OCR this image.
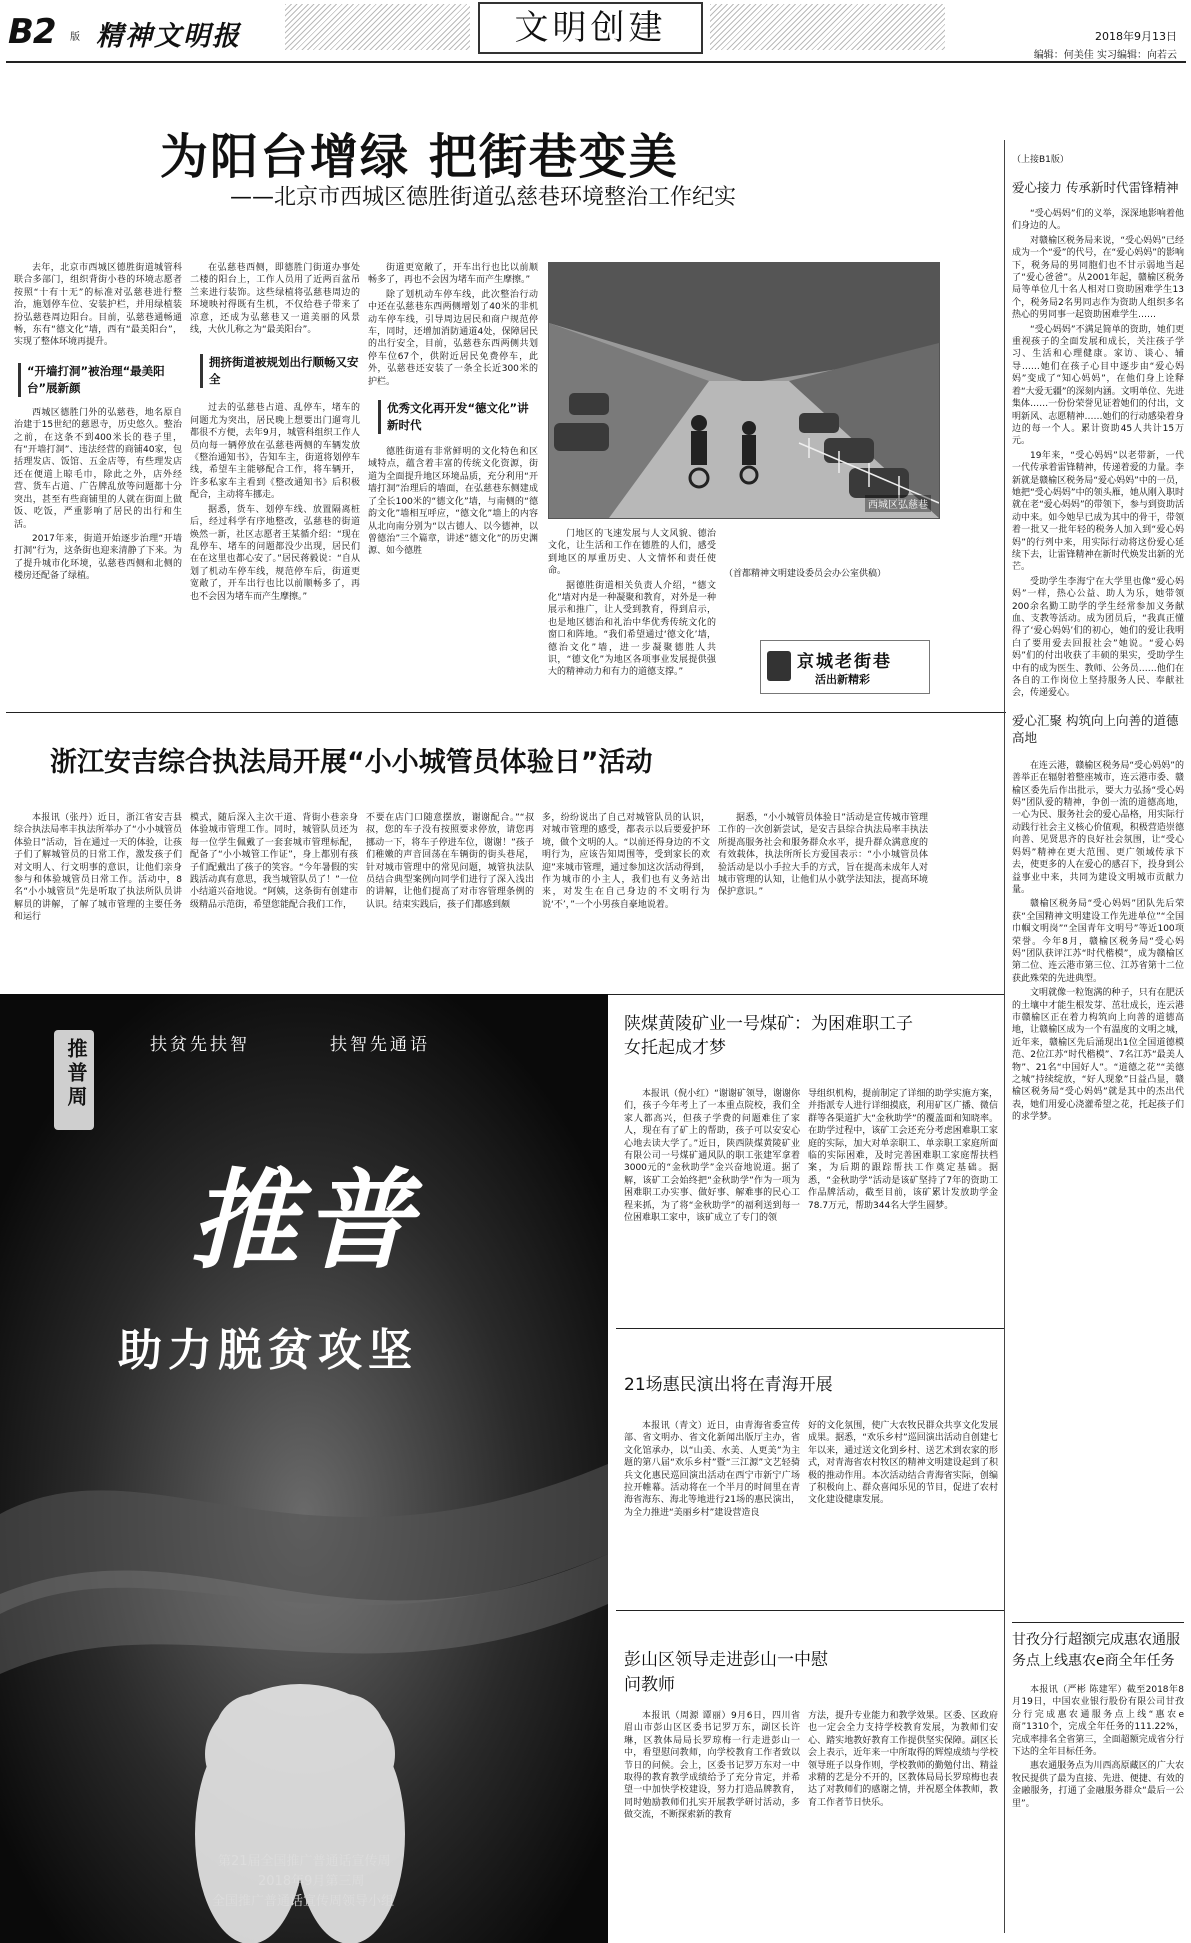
B2 版 精神文明报	文明创建	2018年9月13日
编辑：何美佳 实习编辑：向若云
为阳台增绿 把街巷变美
——北京市西城区德胜街道弘慈巷环境整治工作纪实

去年，北京市西城区德胜街道城管科联合多部门，组织背街小巷的环境志愿者按照“十有十无”的标准对弘慈巷进行整治，施划停车位、安装护栏，并用绿植装扮弘慈巷周边阳台。目前，弘慈巷通畅通畅，东有“德文化”墙，西有“最美阳台”，实现了整体环境再提升。

“开墙打洞”被治理“最美阳台”展新颜

西城区德胜门外的弘慈巷，地名原自治建于15世纪的慈恩寺，历史悠久。整治之前，在这条不到400米长的巷子里，有“开墙打洞”、违法经营的商铺40家，包括理发店、饭馆、五金店等，有些理发店还在便道上晾毛巾，除此之外，店外经营、货车占道、广告牌乱放等问题都十分突出，甚至有些商铺里的人就在街面上做饭、吃饭，严重影响了居民的出行和生活。

2017年来，街道开始逐步治理“开墙打洞”行为，这条街也迎来清静了下来。为了提升城市化环境，弘慈巷西侧和北侧的楼房还配备了绿植。

在弘慈巷西侧，即德胜门街道办事处二楼的阳台上，工作人员用了近两百盆吊兰来进行装饰。这些绿植将弘慈巷周边的环境映衬得既有生机，不仅给巷子带来了凉意，还成为弘慈巷又一道美丽的风景线，大伙儿称之为“最美阳台”。

拥挤街道被规划出行顺畅又安全

过去的弘慈巷占道、乱停车，堵车的问题尤为突出，居民晚上想要出门遛弯儿都很不方便，去年9月，城管科组织工作人员向每一辆停放在弘慈巷两侧的车辆发放《整治通知书》，告知车主，街道将划停车线，希望车主能够配合工作，将车辆开，许多私家车主看到《整改通知书》后积极配合，主动将车挪走。

据悉，货车、划停车线、放置隔离桩后，经过科学有序地整改，弘慈巷的街道焕然一新，社区志愿者王某循介绍：“现在乱停车、堵车的问题都没少出现，居民们在在这里也都心安了。”居民蒋毅说：“自从划了机动车停车线，规范停车后，街道更宽敞了，开车出行也比以前顺畅多了，再也不会因为堵车而产生摩擦。”

街道更宽敞了，开车出行也比以前顺畅多了，再也不会因为堵车而产生摩擦。”

除了划机动车停车线，此次整治行动中还在弘慈巷东西两侧增划了40米的非机动车停车线，引导周边居民和商户规范停车，同时，还增加消防通道4处，保障居民的出行安全，目前，弘慈巷东西两侧共划停车位67个，供附近居民免费停车，此外，弘慈巷还安装了一条全长近300米的护栏。

优秀文化再开发“德文化”讲新时代

德胜街道有非常鲜明的文化特色和区域特点，蕴含着丰富的传统文化资源，街道为全面提升地区环境品质，充分利用“开墙打洞”治理后的墙面，在弘慈巷东侧建成了全长100米的“德文化”墙，与南侧的“德韵文化”墙相互呼应，“德文化”墙上的内容从北向南分别为“以古德人、以今德神，以曾德治”三个篇章，讲述“德文化”的历史渊源、如今德胜

西城区弘慈巷

门地区的飞速发展与人文风貌、德治文化，让生活和工作在德胜的人们，感受到地区的厚重历史、人文情怀和责任使命。

据德胜街道相关负责人介绍，“德文化”墙对内是一种凝聚和教育，对外是一种展示和推广，让人受到教育，得到启示，也是地区德治和礼治中华优秀传统文化的窗口和阵地。“我们希望通过‘德文化’墙，德治文化”墙，进一步凝聚德胜人共识，“德文化”为地区各项事业发展提供强大的精神动力和有力的道德支撑。”

（首都精神文明建设委员会办公室供稿）

京城老街巷
活出新精彩
（上接B1版）
爱心接力 传承新时代雷锋精神

“受心妈妈”们的义举，深深地影响着他们身边的人。

对赣榆区税务局来说，“受心妈妈”已经成为一个“爱”的代号，在“爱心妈妈”的影响下，税务局的男同胞们也不甘示弱地当起了“爱心爸爸”。从2001年起，赣榆区税务局等单位几十名人相对口资助困难学生13个，税务局2名男同志作为资助人组织多名热心的男同事一起资助困难学生……

“受心妈妈”不满足简单的资助，她们更重视孩子的全面发展和成长，关注孩子学习、生活和心理健康。家访、谈心、辅导……她们在孩子心目中逐步由“爱心妈妈”变成了“知心妈妈”，在他们身上诠释着“大爱无疆”的深刻内涵。文明单位、先进集体……一份份荣誉见证着她们的付出，文明新风、志愿精神……她们的行动感染着身边的每一个人。累计资助45人共计15万元。

19年来，“受心妈妈”以老带新，一代一代传承着雷锋精神，传递着爱的力量。李新就是赣榆区税务局“爱心妈妈”中的一员，她把“受心妈妈”中的领头雁，她从刚入职时就在老“爱心妈妈”的带领下，参与到资助活动中来。如今她早已成为其中的骨干，带领着一批又一批年轻的税务人加入到“爱心妈妈”的行列中来，用实际行动将这份爱心延续下去，让雷锋精神在新时代焕发出新的光芒。

受助学生李海宁在大学里也像“爱心妈妈”一样，热心公益、助人为乐，她带领200余名勤工助学的学生经常参加义务献血、支教等活动。成为团员后，“我真正懂得了‘爱心妈妈’们的初心，她们的爱让我明白了要用爱去回报社会”她说。“爱心妈妈”们的付出收获了丰硕的果实，受助学生中有的成为医生、教师、公务员……他们在各自的工作岗位上坚持服务人民、奉献社会，传递爱心。

爱心汇聚 构筑向上向善的道德高地

在连云港，赣榆区税务局“受心妈妈”的善举正在辐射着整座城市，连云港市委、赣榆区委先后作出批示，要大力弘扬“受心妈妈”团队爱的精神，争创一流的道德高地，一心为民、服务社会的爱心品格，用实际行动践行社会主义核心价值观，积极营造崇德向善、见贤思齐的良好社会氛围，让“受心妈妈”精神在更大范围、更广领域传承下去，使更多的人在爱心的感召下，投身到公益事业中来，共同为建设文明城市贡献力量。

赣榆区税务局“受心妈妈”团队先后荣获“全国精神文明建设工作先进单位”“全国巾帼文明岗”“全国青年文明号”等近100项荣誉。今年8月，赣榆区税务局“受心妈妈”团队获评江苏“时代楷模”，成为赣榆区第二位、连云港市第三位、江苏省第十二位获此殊荣的先进典型。

文明就像一粒饱满的种子，只有在肥沃的土壤中才能生根发芽、茁壮成长，连云港市赣榆区正在着力构筑向上向善的道德高地，让赣榆区成为一个有温度的文明之城，近年来，赣榆区先后涌现出1位全国道德模范、2位江苏“时代楷模”、7名江苏“最美人物”、21名“中国好人”。“道德之花”“美德之城”持续绽放，“好人现象”日益凸显，赣榆区税务局“受心妈妈”就是其中的杰出代表，她们用爱心浇灌希望之花，托起孩子们的求学梦。

甘孜分行超额完成惠农通服务点上线惠农e商全年任务

本报讯（严彬 陈建军）截至2018年8月19日，中国农业银行股份有限公司甘孜分行完成惠农通服务点上线“惠农e商”1310个，完成全年任务的111.22%，完成率排名全省第三，全面超额完成省分行下达的全年目标任务。

惠农通服务点为川西高原藏区的广大农牧民提供了最为直接、先进、便捷、有效的金融服务，打通了金融服务群众“最后一公里”。

浙江安吉综合执法局开展“小小城管员体验日”活动

本报讯（张丹）近日，浙江省安吉县综合执法局率丰执法所举办了“小小城管员体验日”活动，旨在通过一天的体验，让孩子们了解城管员的日常工作，激发孩子们对文明人、行文明事的意识，让他们亲身参与和体验城管员日常工作。活动中，8名“小小城管员”先是听取了执法所队员讲解员的讲解，了解了城市管理的主要任务和运行

模式，随后深入主次干道、背街小巷亲身体验城市管理工作。同时，城管队员还为每一位学生佩戴了一套套城市管理标配，配备了“小小城管工作证”，身上都别有孩子们配戴出了孩子的笑容。“今年暑假的实践活动真有意思，我当城管队员了！”一位小结道兴奋地说。“阿姨，这条街有创建市级精品示范街，希望您能配合我们工作，

不要在店门口随意摆放，谢谢配合。”“叔叔，您的车子没有按照要求停放，请您再挪动一下，将车子停进车位，谢谢！”孩子们稚嫩的声音回荡在车辆街的街头巷尾，针对城市管理中的常见问题，城管执法队员结合典型案例向同学们进行了深入浅出的讲解，让他们提高了对市容管理条例的认识。结束实践后，孩子们都感到颇

多，纷纷说出了自己对城管队员的认识，对城市管理的感受，都表示以后要爱护环境，做个文明的人。“以前还得身边的不文明行为，应该告知周围等，受到家长的欢迎”来城市管理，通过参加这次活动得到，作为城市的小主人，我们也有义务站出来，对发生在自己身边的不文明行为说‘不’，”一个小男孩自豪地说着。

据悉，“小小城管员体验日”活动是宣传城市管理工作的一次创新尝试，是安吉县综合执法局率丰执法所提高服务社会和服务群众水平，提升群众满意度的有效载体，执法所所长方爱国表示：“小小城管员体验活动是以小手拉大手的方式，旨在提高未成年人对城市管理的认知，让他们从小就学法知法，提高环境保护意识。”

扶贫先扶智	扶智先通语
推普周
推普
助力脱贫攻坚
第21届全国推广普通话宣传周
2018年9月第三周
全国推广普通话宣传周领导小组
陕煤黄陵矿业一号煤矿：为困难职工子女托起成才梦

本报讯（倪小红）“谢谢矿领导，谢谢你们，孩子今年考上了一本重点院校，我们全家人都高兴，但孩子学费的问题难住了家人，现在有了矿上的帮助，孩子可以安安心心地去读大学了。”近日，陕西陕煤黄陵矿业有限公司一号煤矿通风队的职工张建军拿着3000元的“金秋助学”金兴奋地说道。据了解，该矿工会始终把“金秋助学”作为一项为困难职工办实事、做好事、解难事的民心工程来抓，为了将“金秋助学”的福利送到每一位困难职工家中，该矿成立了专门的领

导组织机构，提前制定了详细的助学实施方案，并指派专人进行详细摸底，利用矿区广播、微信群等各渠道扩大“金秋助学”的覆盖面和知晓率。在助学过程中，该矿工会还充分考虑困难职工家庭的实际，加大对单亲职工、单亲职工家庭所面临的实际困难，及时完善困难职工家庭帮扶档案，为后期的跟踪帮扶工作奠定基础。据悉，“金秋助学”活动是该矿坚持了7年的资助工作品牌活动，截至目前，该矿累计发放助学金78.7万元，帮助344名大学生圆梦。

21场惠民演出将在青海开展

本报讯（青文）近日，由青海省委宣传部、省文明办、省文化新闻出版厅主办，省文化馆承办，以“山美、水美、人更美”为主题的第八届“欢乐乡村”暨“三江源”文艺轻骑兵文化惠民巡回演出活动在西宁市新宁广场拉开帷幕。活动将在一个半月的时间里在青海省海东、海北等地进行21场的惠民演出，为全力推进“美丽乡村”建设营造良

好的文化氛围，使广大农牧民群众共享文化发展成果。据悉，“欢乐乡村”巡回演出活动自创建七年以来，通过送文化到乡村、送艺术到农家的形式，对青海省农村牧区的精神文明建设起到了积极的推动作用。本次活动结合青海省实际，创编了积极向上、群众喜闻乐见的节目，促进了农村文化建设健康发展。

彭山区领导走进彭山一中慰问教师

本报讯（周源 谭丽）9月6日，四川省眉山市彭山区区委书记罗万东，副区长许琳，区教体局局长罗琼梅一行走进彭山一中，看望慰问教师，向学校教育工作者致以节日的问候。会上，区委书记罗万东对一中取得的教育教学成绩给予了充分肯定，并希望一中加快学校建设，努力打造品牌教育，同时勉励教师们扎实开展教学研讨活动，多做交流，不断探索新的教育

方法，提升专业能力和教学效果。区委、区政府也一定会全力支持学校教育发展，为教师们安心、踏实地教好教育工作提供坚实保障。副区长会上表示，近年来一中所取得的辉煌成绩与学校领导班子以身作则，学校教师的勤勉付出、精益求精的艺是分不开的，区教体局局长罗琼梅也表达了对教师们的感谢之情，并祝愿全体教师，教育工作者节日快乐。
